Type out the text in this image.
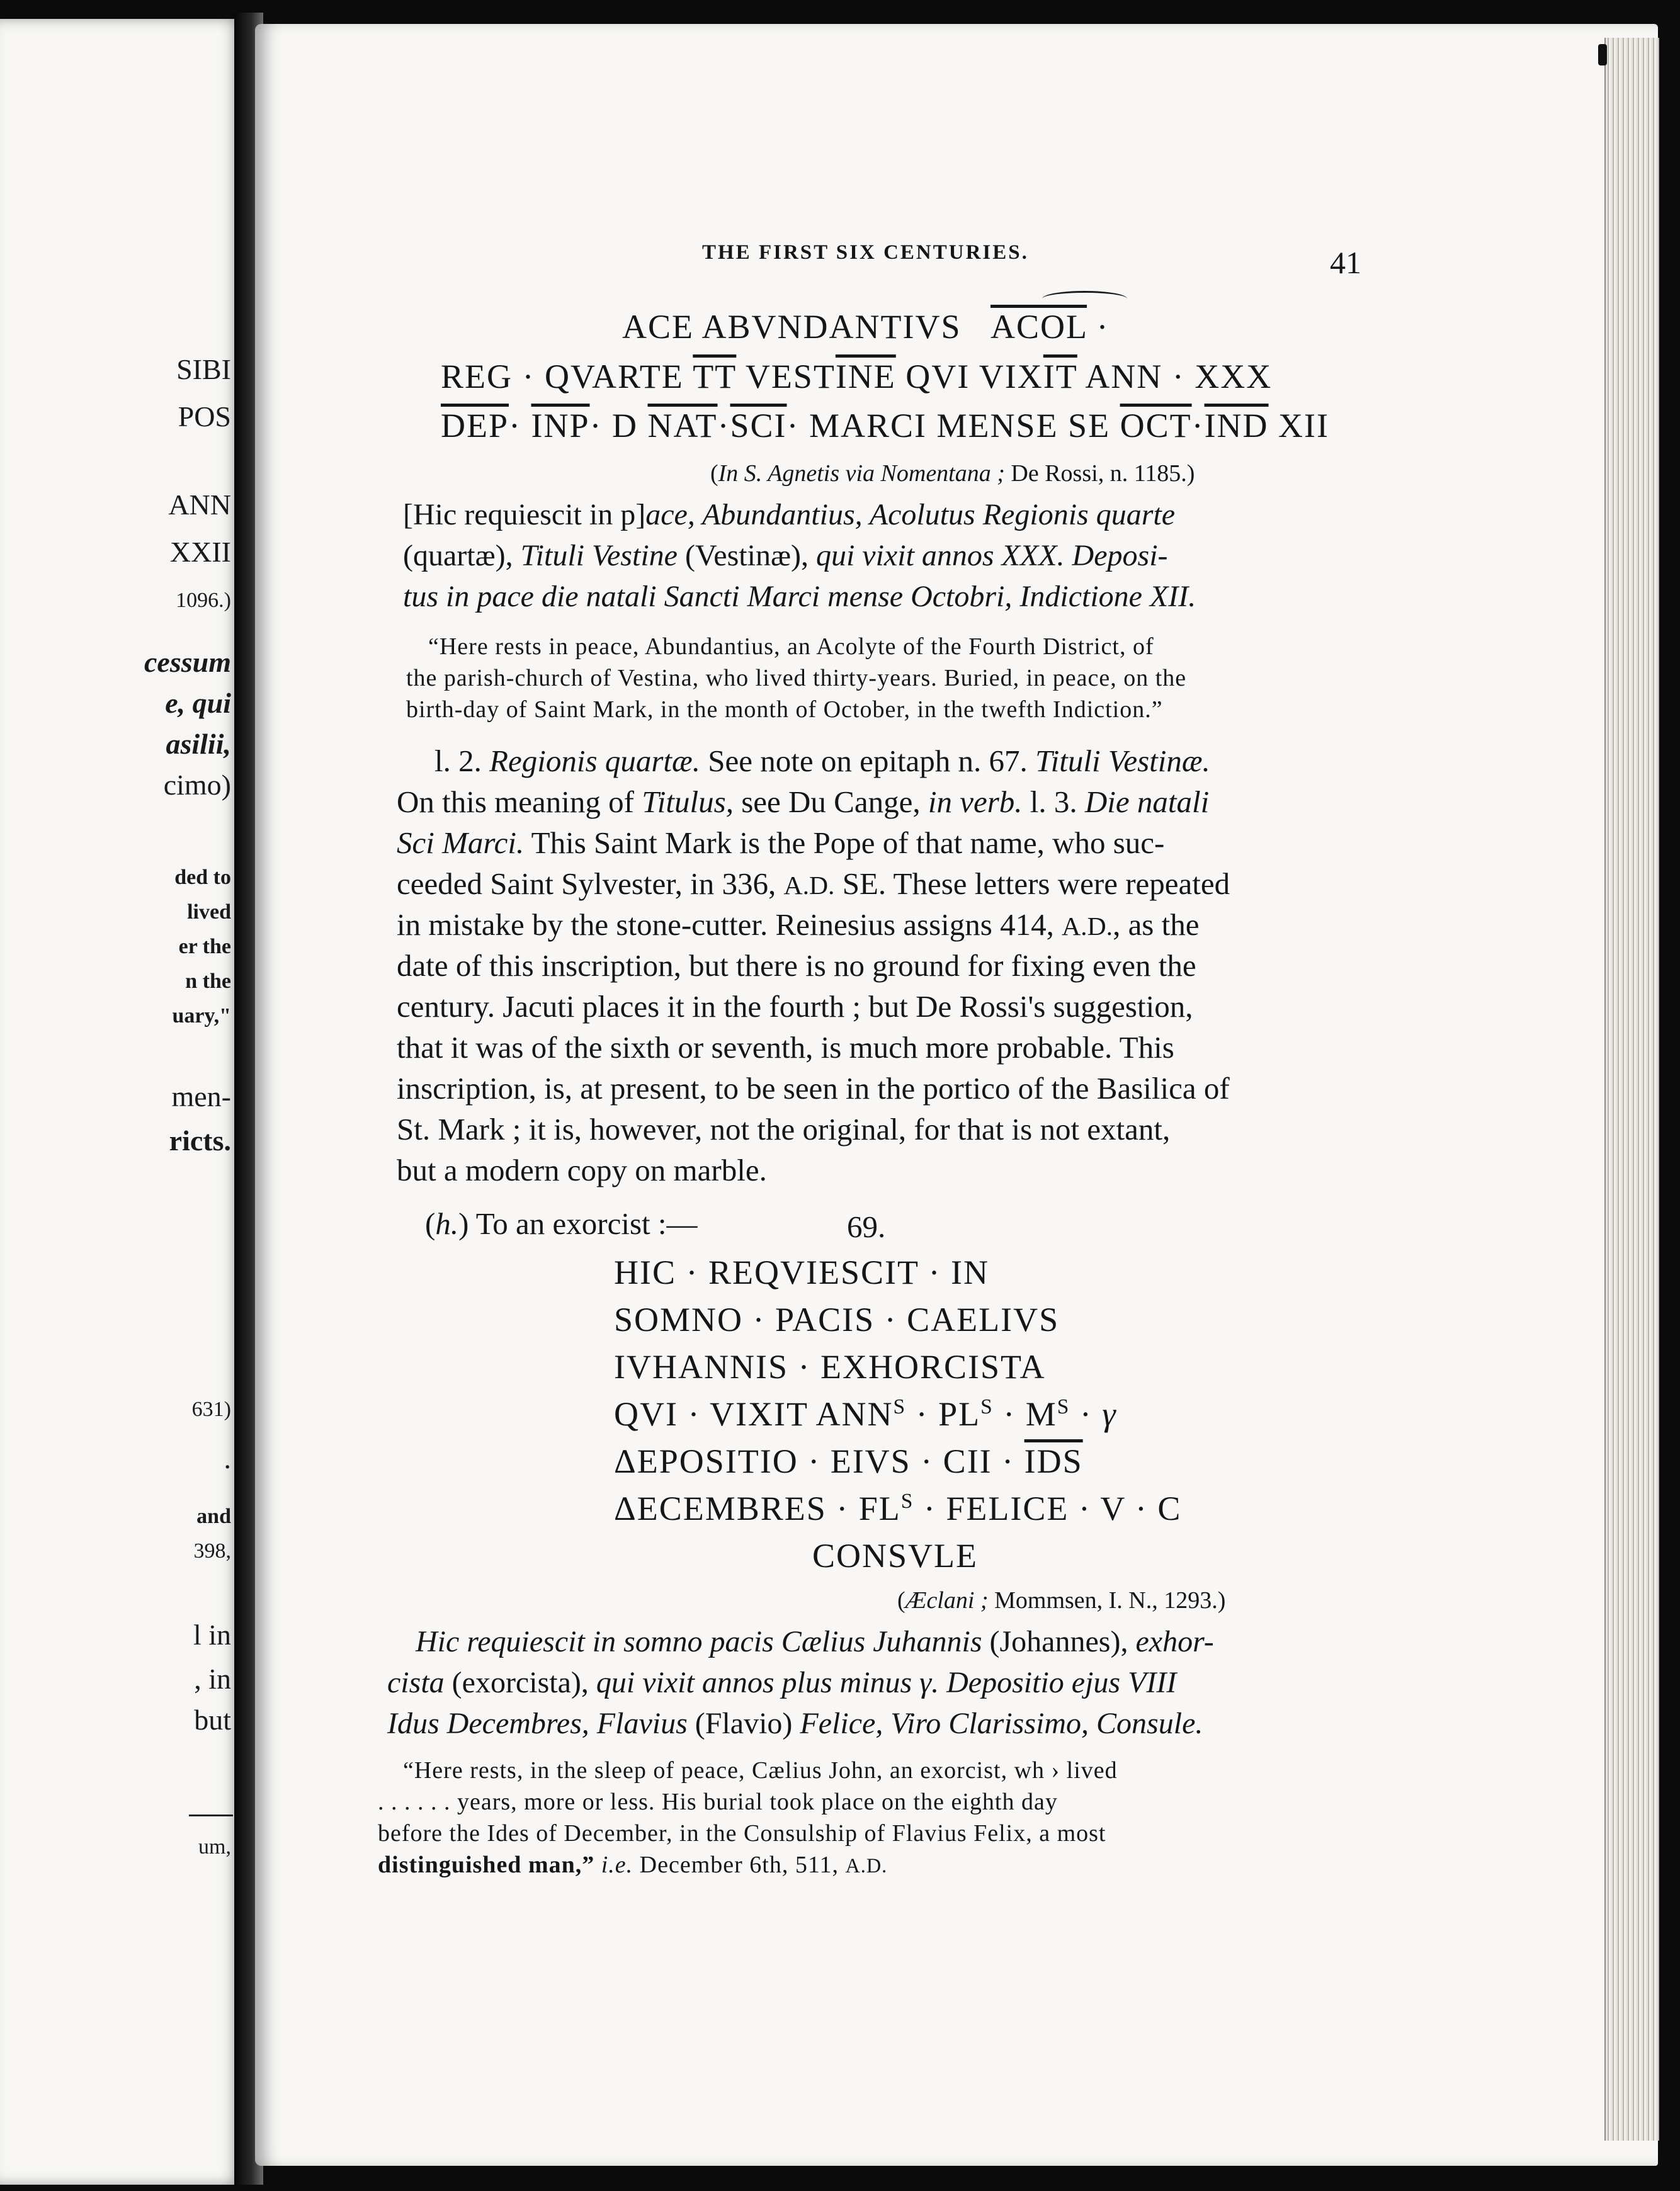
SIBI
POS
ANN
XXII
1096.)
cessum
e, qui
asilii,
cimo)
ded to
lived
er the
n the
uary,"
men-
ricts.
631)
.
and
398,
l in
, in
but
um,
THE FIRST SIX CENTURIES.	41
ACE ABVNDANTIVS ACOL ·
REG · QVARTE $\overline{TT}$ $VEST\overline{INE}$ QVI $VIX\overline{IT}$ ANN · XXX
$\overline{DEP}\cdot \overline{INP}\cdot D$ $\overline{NAT}\cdot\overline{SCI}\cdot$ MARCI MENSE SE $\overline{OCT}\cdot\overline{IND}$ XII
(In S. Agnetis via Nomentana ; De Rossi, n. 1185.)
[Hic requiescit in p]ace, Abundantius, Acolutus Regionis quarte
(quartæ), Tituli Vestine (Vestinæ), qui vixit annos XXX. Deposi-
tus in pace die natali Sancti Marci mense Octobri, Indictione XII.
“Here rests in peace, Abundantius, an Acolyte of the Fourth District, of
the parish-church of Vestina, who lived thirty-years. Buried, in peace, on the
birth-day of Saint Mark, in the month of October, in the twefth Indiction.”
l. 2. Regionis quartæ. See note on epitaph n. 67. Tituli Vestinæ.
On this meaning of Titulus, see Du Cange, in verb. l. 3. Die natali
Sci Marci. This Saint Mark is the Pope of that name, who suc-
ceeded Saint Sylvester, in 336, A.D. SE. These letters were repeated
in mistake by the stone-cutter. Reinesius assigns 414, A.D., as the
date of this inscription, but there is no ground for fixing even the
century. Jacuti places it in the fourth ; but De Rossi's suggestion,
that it was of the sixth or seventh, is much more probable. This
inscription, is, at present, to be seen in the portico of the Basilica of
St. Mark ; it is, however, not the original, for that is not extant,
but a modern copy on marble.
(h.) To an exorcist :—	69.
HIC · REQVIESCIT · IN
SOMNO · PACIS · CAELIVS
IVHANNIS · EXHORCISTA
QVI · VIXIT $ANN^S \cdot PL^S \cdot M^S \cdot \gamma$
ΔEPOSITIO · EIVS · CII · $\overline{IDS}$
ΔECEMBRES · $FL^S$ · FELICE · V · C
CONSVLE
(Æclani ; Mommsen, I. N., 1293.)
Hic requiescit in somno pacis Cælius Juhannis (Johannes), exhor-
cista (exorcista), qui vixit annos plus minus γ. Depositio ejus VIII
Idus Decembres, Flavius (Flavio) Felice, Viro Clarissimo, Consule.
“Here rests, in the sleep of peace, Cælius John, an exorcist, wh › lived
. . . . . . years, more or less. His burial took place on the eighth day
before the Ides of December, in the Consulship of Flavius Felix, a most
distinguished man,” i.e. December 6th, 511, A.D.
